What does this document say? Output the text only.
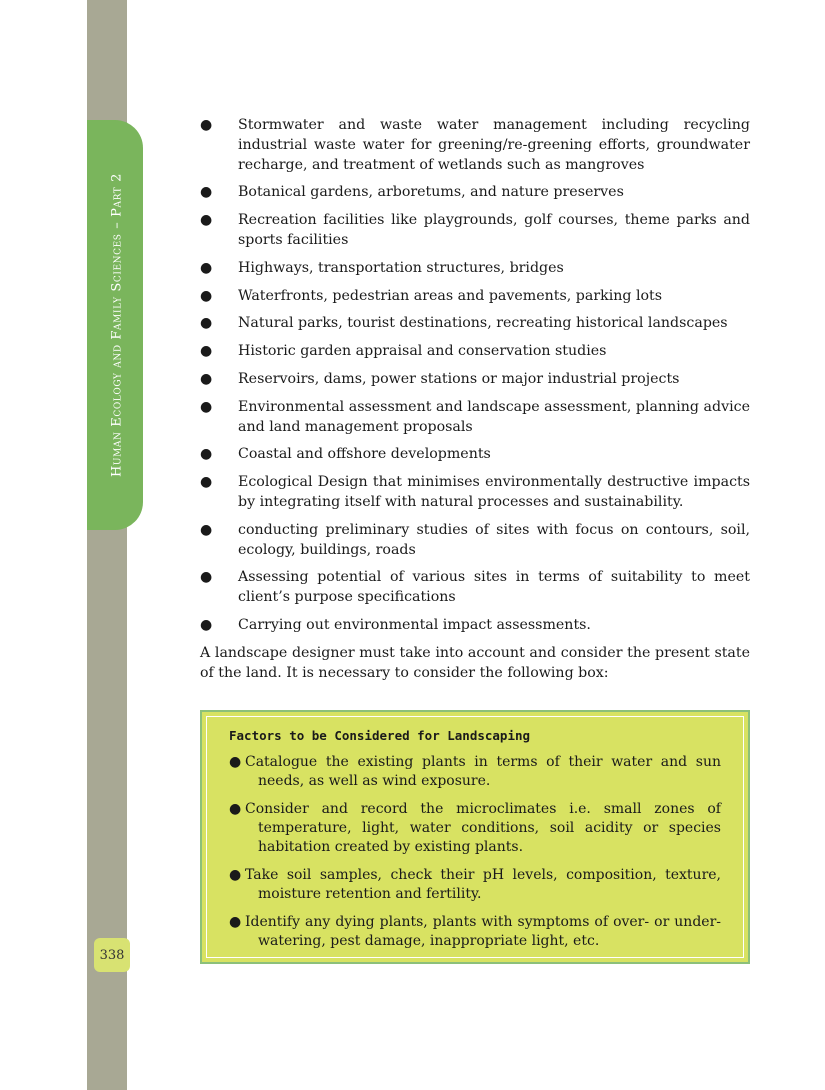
Human Ecology and Family Sciences – Part 2
338
● Stormwater and waste water management including recycling industrial waste water for greening/re-greening efforts, groundwater recharge, and treatment of wetlands such as mangroves
● Botanical gardens, arboretums, and nature preserves
● Recreation facilities like playgrounds, golf courses, theme parks and sports facilities
● Highways, transportation structures, bridges
● Waterfronts, pedestrian areas and pavements, parking lots
● Natural parks, tourist destinations, recreating historical landscapes
● Historic garden appraisal and conservation studies
● Reservoirs, dams, power stations or major industrial projects
● Environmental assessment and landscape assessment, planning advice and land management proposals
● Coastal and offshore developments
● Ecological Design that minimises environmentally destructive impacts by integrating itself with natural processes and sustainability.
● conducting preliminary studies of sites with focus on contours, soil, ecology, buildings, roads
● Assessing potential of various sites in terms of suitability to meet client’s purpose specifications
● Carrying out environmental impact assessments.

A landscape designer must take into account and consider the present state of the land. It is necessary to consider the following box:

Factors to be Considered for Landscaping
● Catalogue the existing plants in terms of their water and sun needs, as well as wind exposure.
● Consider and record the microclimates i.e. small zones of temperature, light, water conditions, soil acidity or species habitation created by existing plants.
● Take soil samples, check their pH levels, composition, texture, moisture retention and fertility.
● Identify any dying plants, plants with symptoms of over- or under-watering, pest damage, inappropriate light, etc.
